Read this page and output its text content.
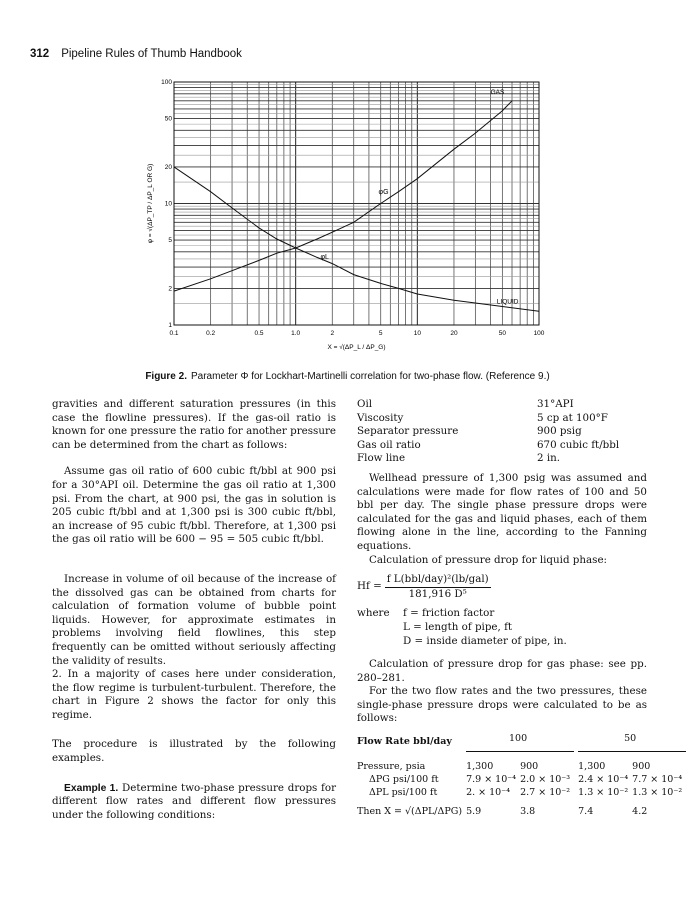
312 Pipeline Rules of Thumb Handbook
0.1	0.2	0.5	1.0	2	5	10	20	50	100
1
2
5
10
20
50
100
LIQUID
GAS
φL
φG
X = √(ΔP_L / ΔP_G)
φ = √(ΔP_TP / ΔP_L OR G)
Figure 2. Parameter Φ for Lockhart-Martinelli correlation for two-phase flow. (Reference 9.)

gravities and different saturation pressures (in this case the flowline pressures). If the gas-oil ratio is known for one pressure the ratio for another pressure can be determined from the chart as follows:

Assume gas oil ratio of 600 cubic ft/bbl at 900 psi for a 30°API oil. Determine the gas oil ratio at 1,300 psi. From the chart, at 900 psi, the gas in solution is 205 cubic ft/bbl and at 1,300 psi is 300 cubic ft/bbl, an increase of 95 cubic ft/bbl. Therefore, at 1,300 psi the gas oil ratio will be 600 − 95 = 505 cubic ft/bbl.

Increase in volume of oil because of the increase of the dissolved gas can be obtained from charts for calculation of formation volume of bubble point liquids. However, for approximate estimates in problems involving field flowlines, this step frequently can be omitted without seriously affecting the validity of results.

2. In a majority of cases here under consideration, the flow regime is turbulent-turbulent. Therefore, the chart in Figure 2 shows the factor for only this regime.

The procedure is illustrated by the following examples.

Example 1. Determine two-phase pressure drops for different flow rates and different flow pressures under the following conditions:

Oil	31°API
Viscosity	5 cp at 100°F
Separator pressure	900 psig
Gas oil ratio	670 cubic ft/bbl
Flow line	2 in.

Wellhead pressure of 1,300 psig was assumed and calculations were made for flow rates of 100 and 50 bbl per day. The single phase pressure drops were calculated for the gas and liquid phases, each of them flowing alone in the line, according to the Fanning equations.

Calculation of pressure drop for liquid phase:

Hf =
f L(bbl/day)²(lb/gal)
181,916 D⁵
where	f = friction factor
L = length of pipe, ft
D = inside diameter of pipe, in.

Calculation of pressure drop for gas phase: see pp. 280–281.

For the two flow rates and the two pressures, these single-phase pressure drops were calculated to be as follows:

Flow Rate bbl/day	100			50	
Pressure, psia	1,300	900		1,300	900
ΔPG psi/100 ft	7.9 × 10⁻⁴	2.0 × 10⁻³		2.4 × 10⁻⁴	7.7 × 10⁻⁴
ΔPL psi/100 ft	2. × 10⁻⁴	2.7 × 10⁻²		1.3 × 10⁻²	1.3 × 10⁻²
Then X = √(ΔPL/ΔPG)	5.9	3.8		7.4	4.2
